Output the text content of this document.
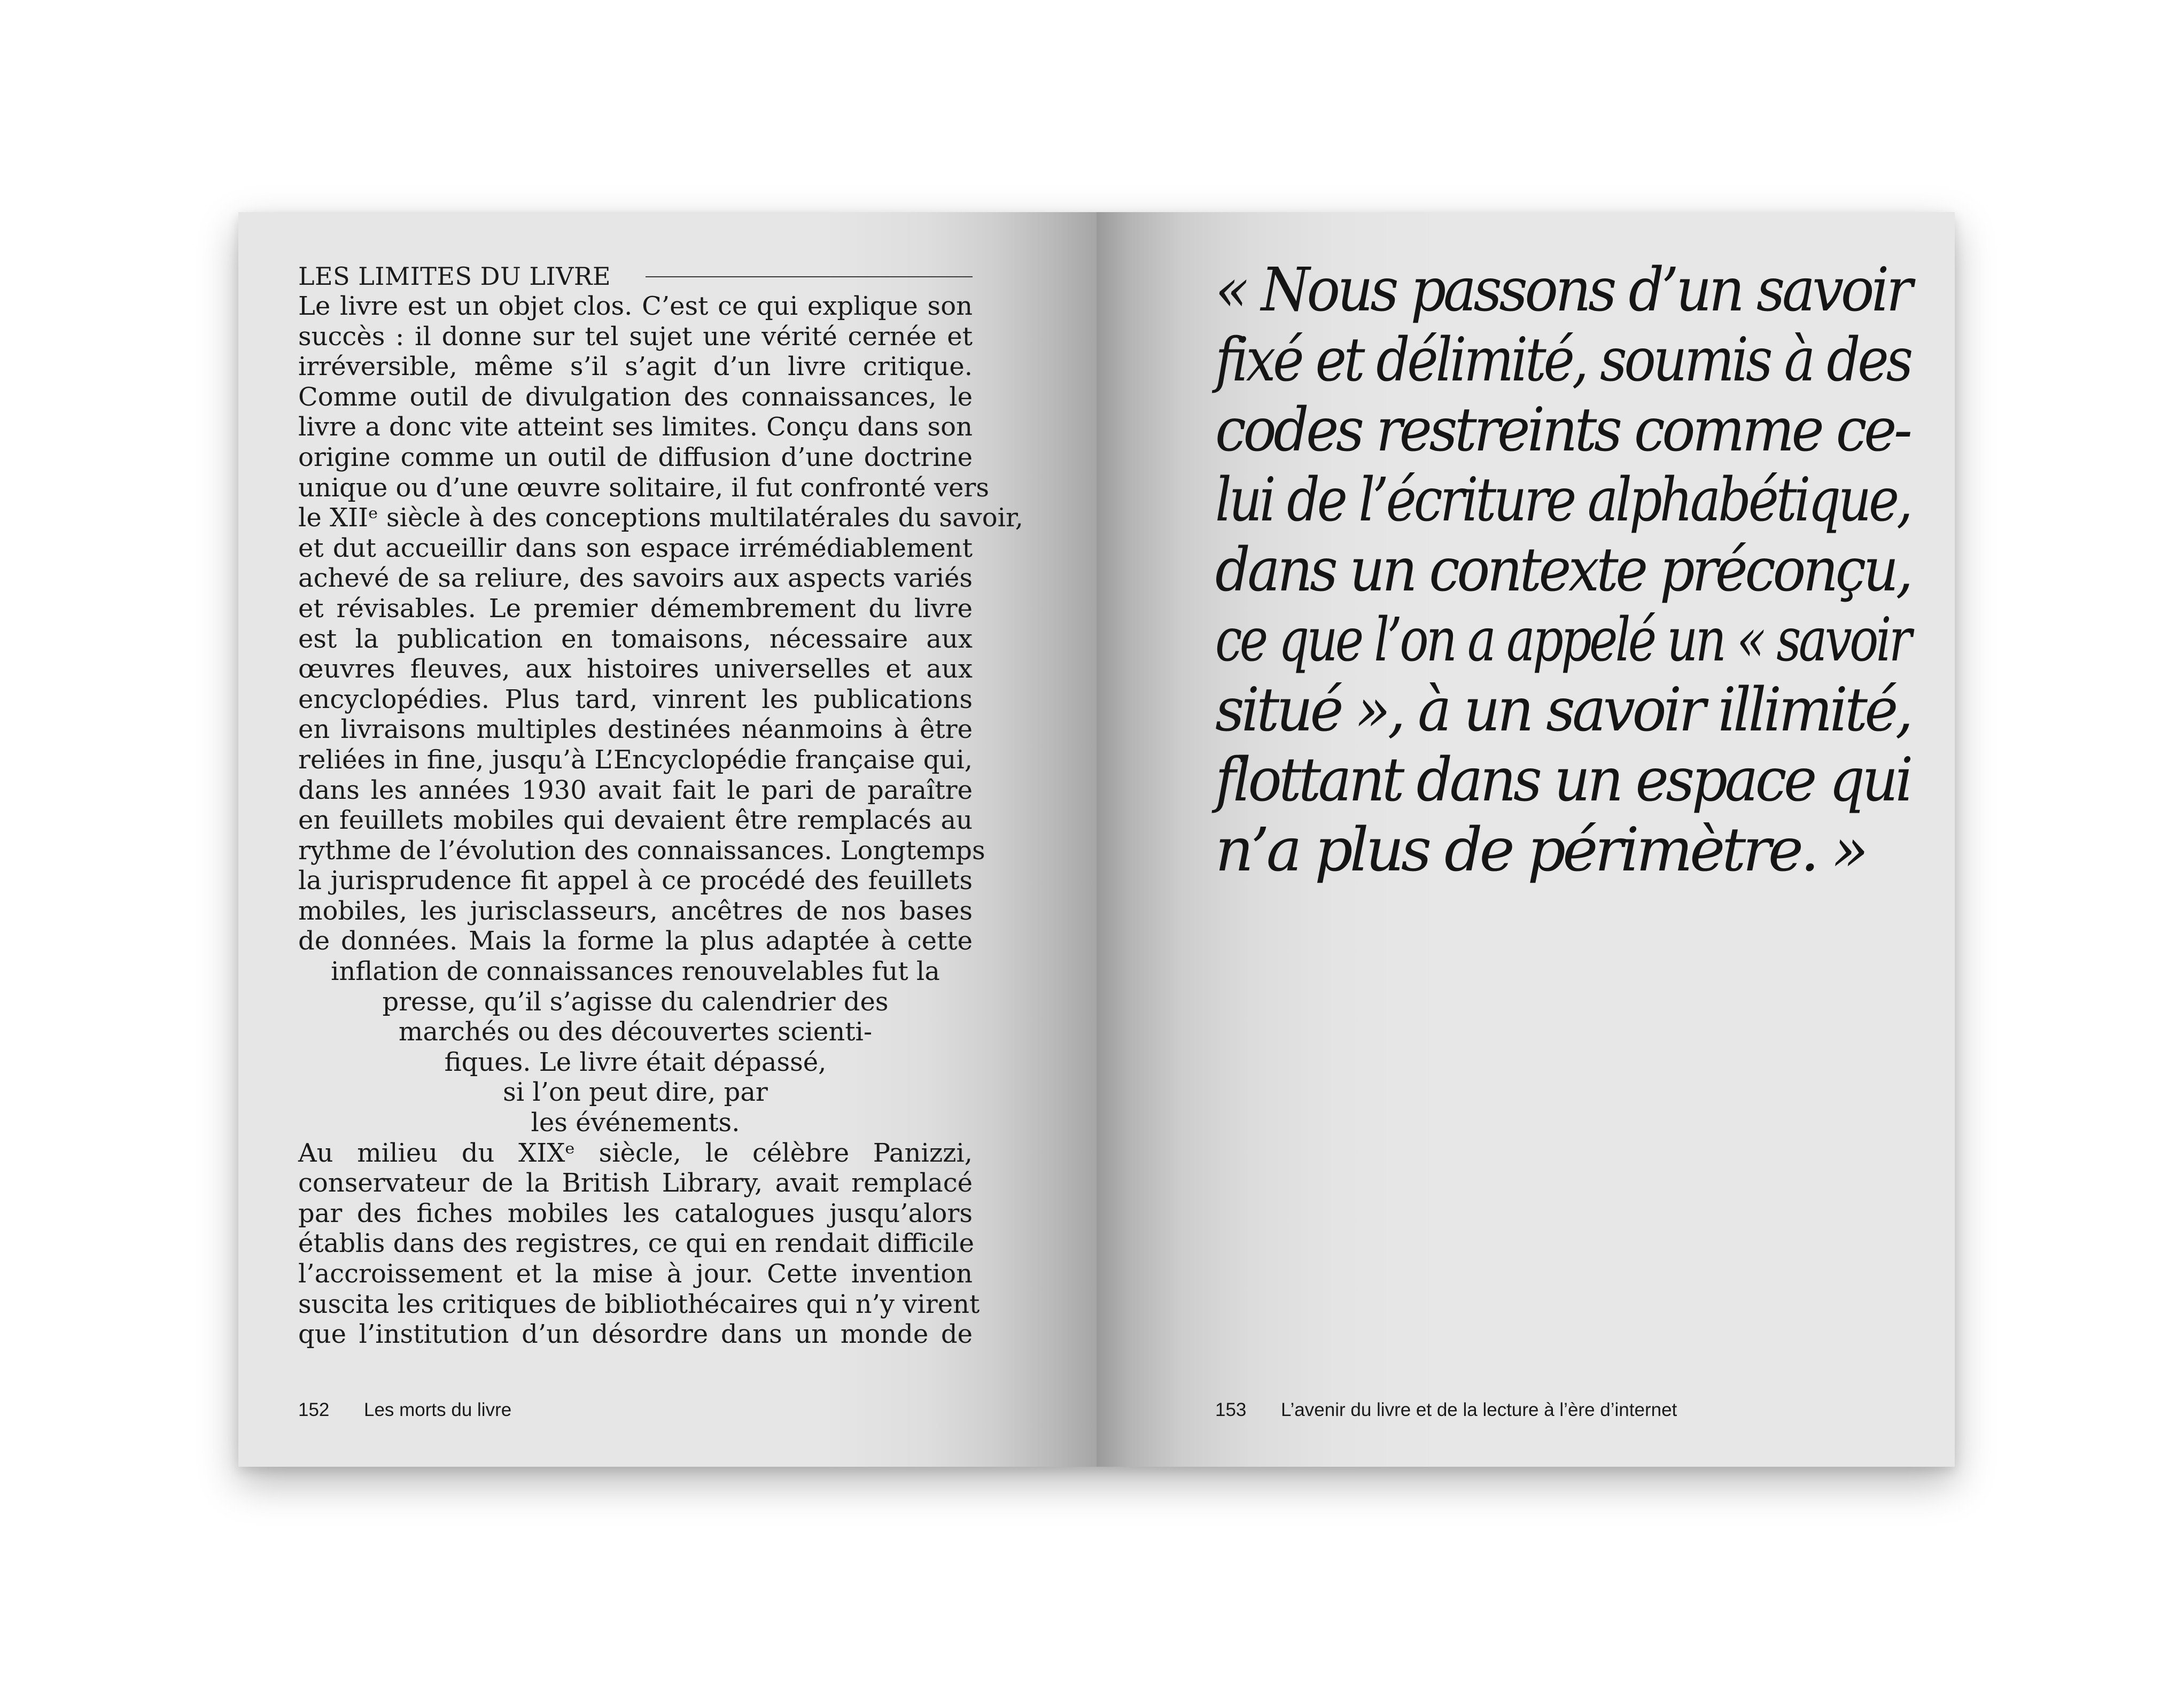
LES LIMITES DU LIVRE
Le livre est un objet clos. C’est ce qui explique son
succès : il donne sur tel sujet une vérité cernée et
irréversible, même s’il s’agit d’un livre critique.
Comme outil de divulgation des connaissances, le
livre a donc vite atteint ses limites. Conçu dans son
origine comme un outil de diffusion d’une doctrine
unique ou d’une œuvre solitaire, il fut confronté vers
le XIIᵉ siècle à des conceptions multilatérales du savoir,
et dut accueillir dans son espace irrémédiablement
achevé de sa reliure, des savoirs aux aspects variés
et révisables. Le premier démembrement du livre
est la publication en tomaisons, nécessaire aux
œuvres fleuves, aux histoires universelles et aux
encyclopédies. Plus tard, vinrent les publications
en livraisons multiples destinées néanmoins à être
reliées in fine, jusqu’à L’Encyclopédie française qui,
dans les années 1930 avait fait le pari de paraître
en feuillets mobiles qui devaient être remplacés au
rythme de l’évolution des connaissances. Longtemps
la jurisprudence fit appel à ce procédé des feuillets
mobiles, les jurisclasseurs, ancêtres de nos bases
de données. Mais la forme la plus adaptée à cette
inflation de connaissances renouvelables fut la
presse, qu’il s’agisse du calendrier des
marchés ou des découvertes scienti-
fiques. Le livre était dépassé,
si l’on peut dire, par
les événements.
Au milieu du XIXᵉ siècle, le célèbre Panizzi,
conservateur de la British Library, avait remplacé
par des fiches mobiles les catalogues jusqu’alors
établis dans des registres, ce qui en rendait difficile
l’accroissement et la mise à jour. Cette invention
suscita les critiques de bibliothécaires qui n’y virent
que l’institution d’un désordre dans un monde de
152 Les morts du livre
« Nous passons d’un savoir
fixé et délimité, soumis à des
codes restreints comme ce-
lui de l’écriture alphabétique,
dans un contexte préconçu,
ce que l’on a appelé un « savoir
situé », à un savoir illimité,
flottant dans un espace qui
n’a plus de périmètre. »
153 L’avenir du livre et de la lecture à l’ère d’internet
